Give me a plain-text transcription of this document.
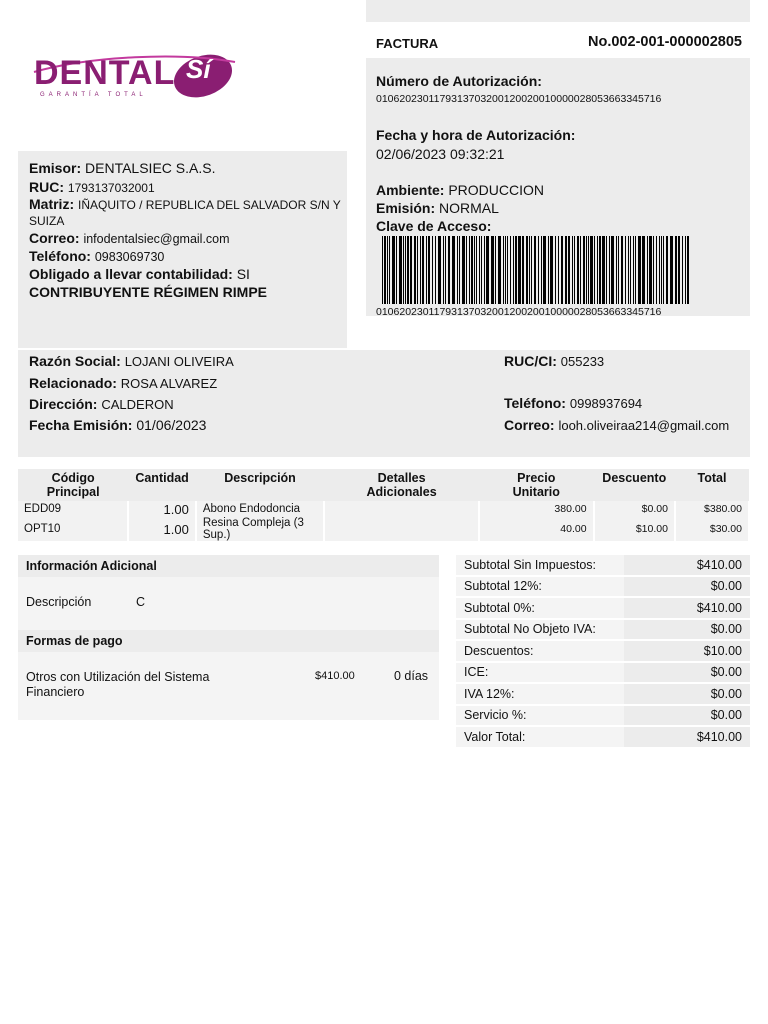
DENTAL Sí
GARANTÍA TOTAL
FACTURA	No.002-001-000002805
Número de Autorización:
0106202301179313703200120020010000028053663345716
Fecha y hora de Autorización:
02/06/2023 09:32:21
Ambiente: PRODUCCION
Emisión: NORMAL
Clave de Acceso:
0106202301179313703200120020010000028053663345716
Emisor: DENTALSIEC S.A.S.
RUC: 1793137032001
Matriz: IÑAQUITO / REPUBLICA DEL SALVADOR S/N Y SUIZA
Correo: infodentalsiec@gmail.com
Teléfono: 0983069730
Obligado a llevar contabilidad: SI
CONTRIBUYENTE RÉGIMEN RIMPE
Razón Social: LOJANI OLIVEIRA
Relacionado: ROSA ALVAREZ
Dirección: CALDERON
Fecha Emisión: 01/06/2023
RUC/CI: 055233
Teléfono: 0998937694
Correo: looh.oliveiraa214@gmail.com
Código Principal	Cantidad	Descripción	Detalles Adicionales	Precio Unitario	Descuento	Total
EDD09	1.00	Abono Endodoncia		380.00	$0.00	$380.00
OPT10	1.00	Resina Compleja (3 Sup.)		40.00	$10.00	$30.00
Información Adicional
Descripción	C
Formas de pago
Otros con Utilización del Sistema Financiero
$410.00	0 días
Subtotal Sin Impuestos:	$410.00
Subtotal 12%:	$0.00
Subtotal 0%:	$410.00
Subtotal No Objeto IVA:	$0.00
Descuentos:	$10.00
ICE:	$0.00
IVA 12%:	$0.00
Servicio %:	$0.00
Valor Total:	$410.00
